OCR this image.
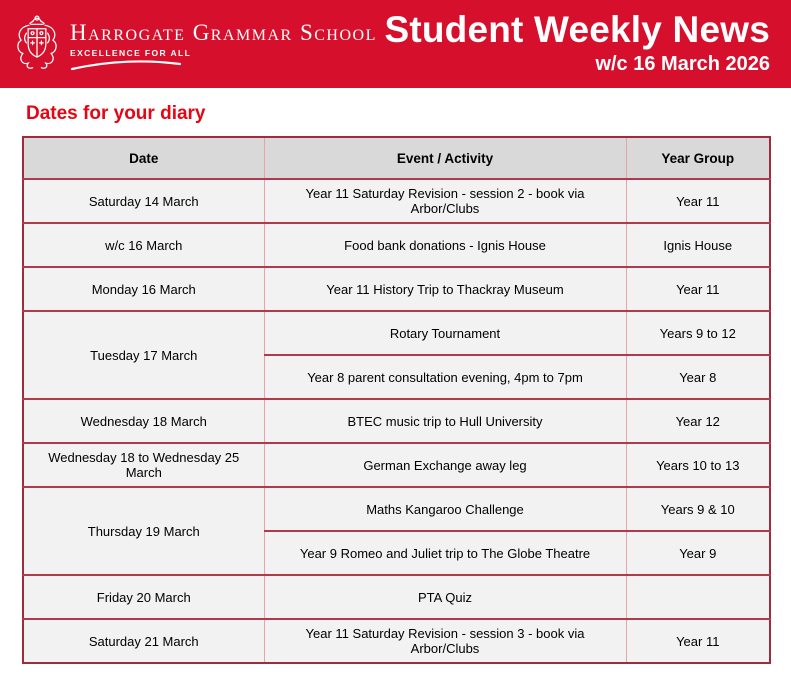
Harrogate Grammar School
EXCELLENCE FOR ALL
Student Weekly News
w/c 16 March 2026
Dates for your diary
Date	Event / Activity	Year Group
Saturday 14 March	Year 11 Saturday Revision - session 2 - book via Arbor/Clubs	Year 11
w/c 16 March	Food bank donations - Ignis House	Ignis House
Monday 16 March	Year 11 History Trip to Thackray Museum	Year 11
Tuesday 17 March	Rotary Tournament	Years 9 to 12
	Year 8 parent consultation evening, 4pm to 7pm	Year 8
Wednesday 18 March	BTEC music trip to Hull University	Year 12
Wednesday 18 to Wednesday 25 March	German Exchange away leg	Years 10 to 13
Thursday 19 March	Maths Kangaroo Challenge	Years 9 & 10
	Year 9 Romeo and Juliet trip to The Globe Theatre	Year 9
Friday 20 March	PTA Quiz	
Saturday 21 March	Year 11 Saturday Revision - session 3 - book via Arbor/Clubs	Year 11
